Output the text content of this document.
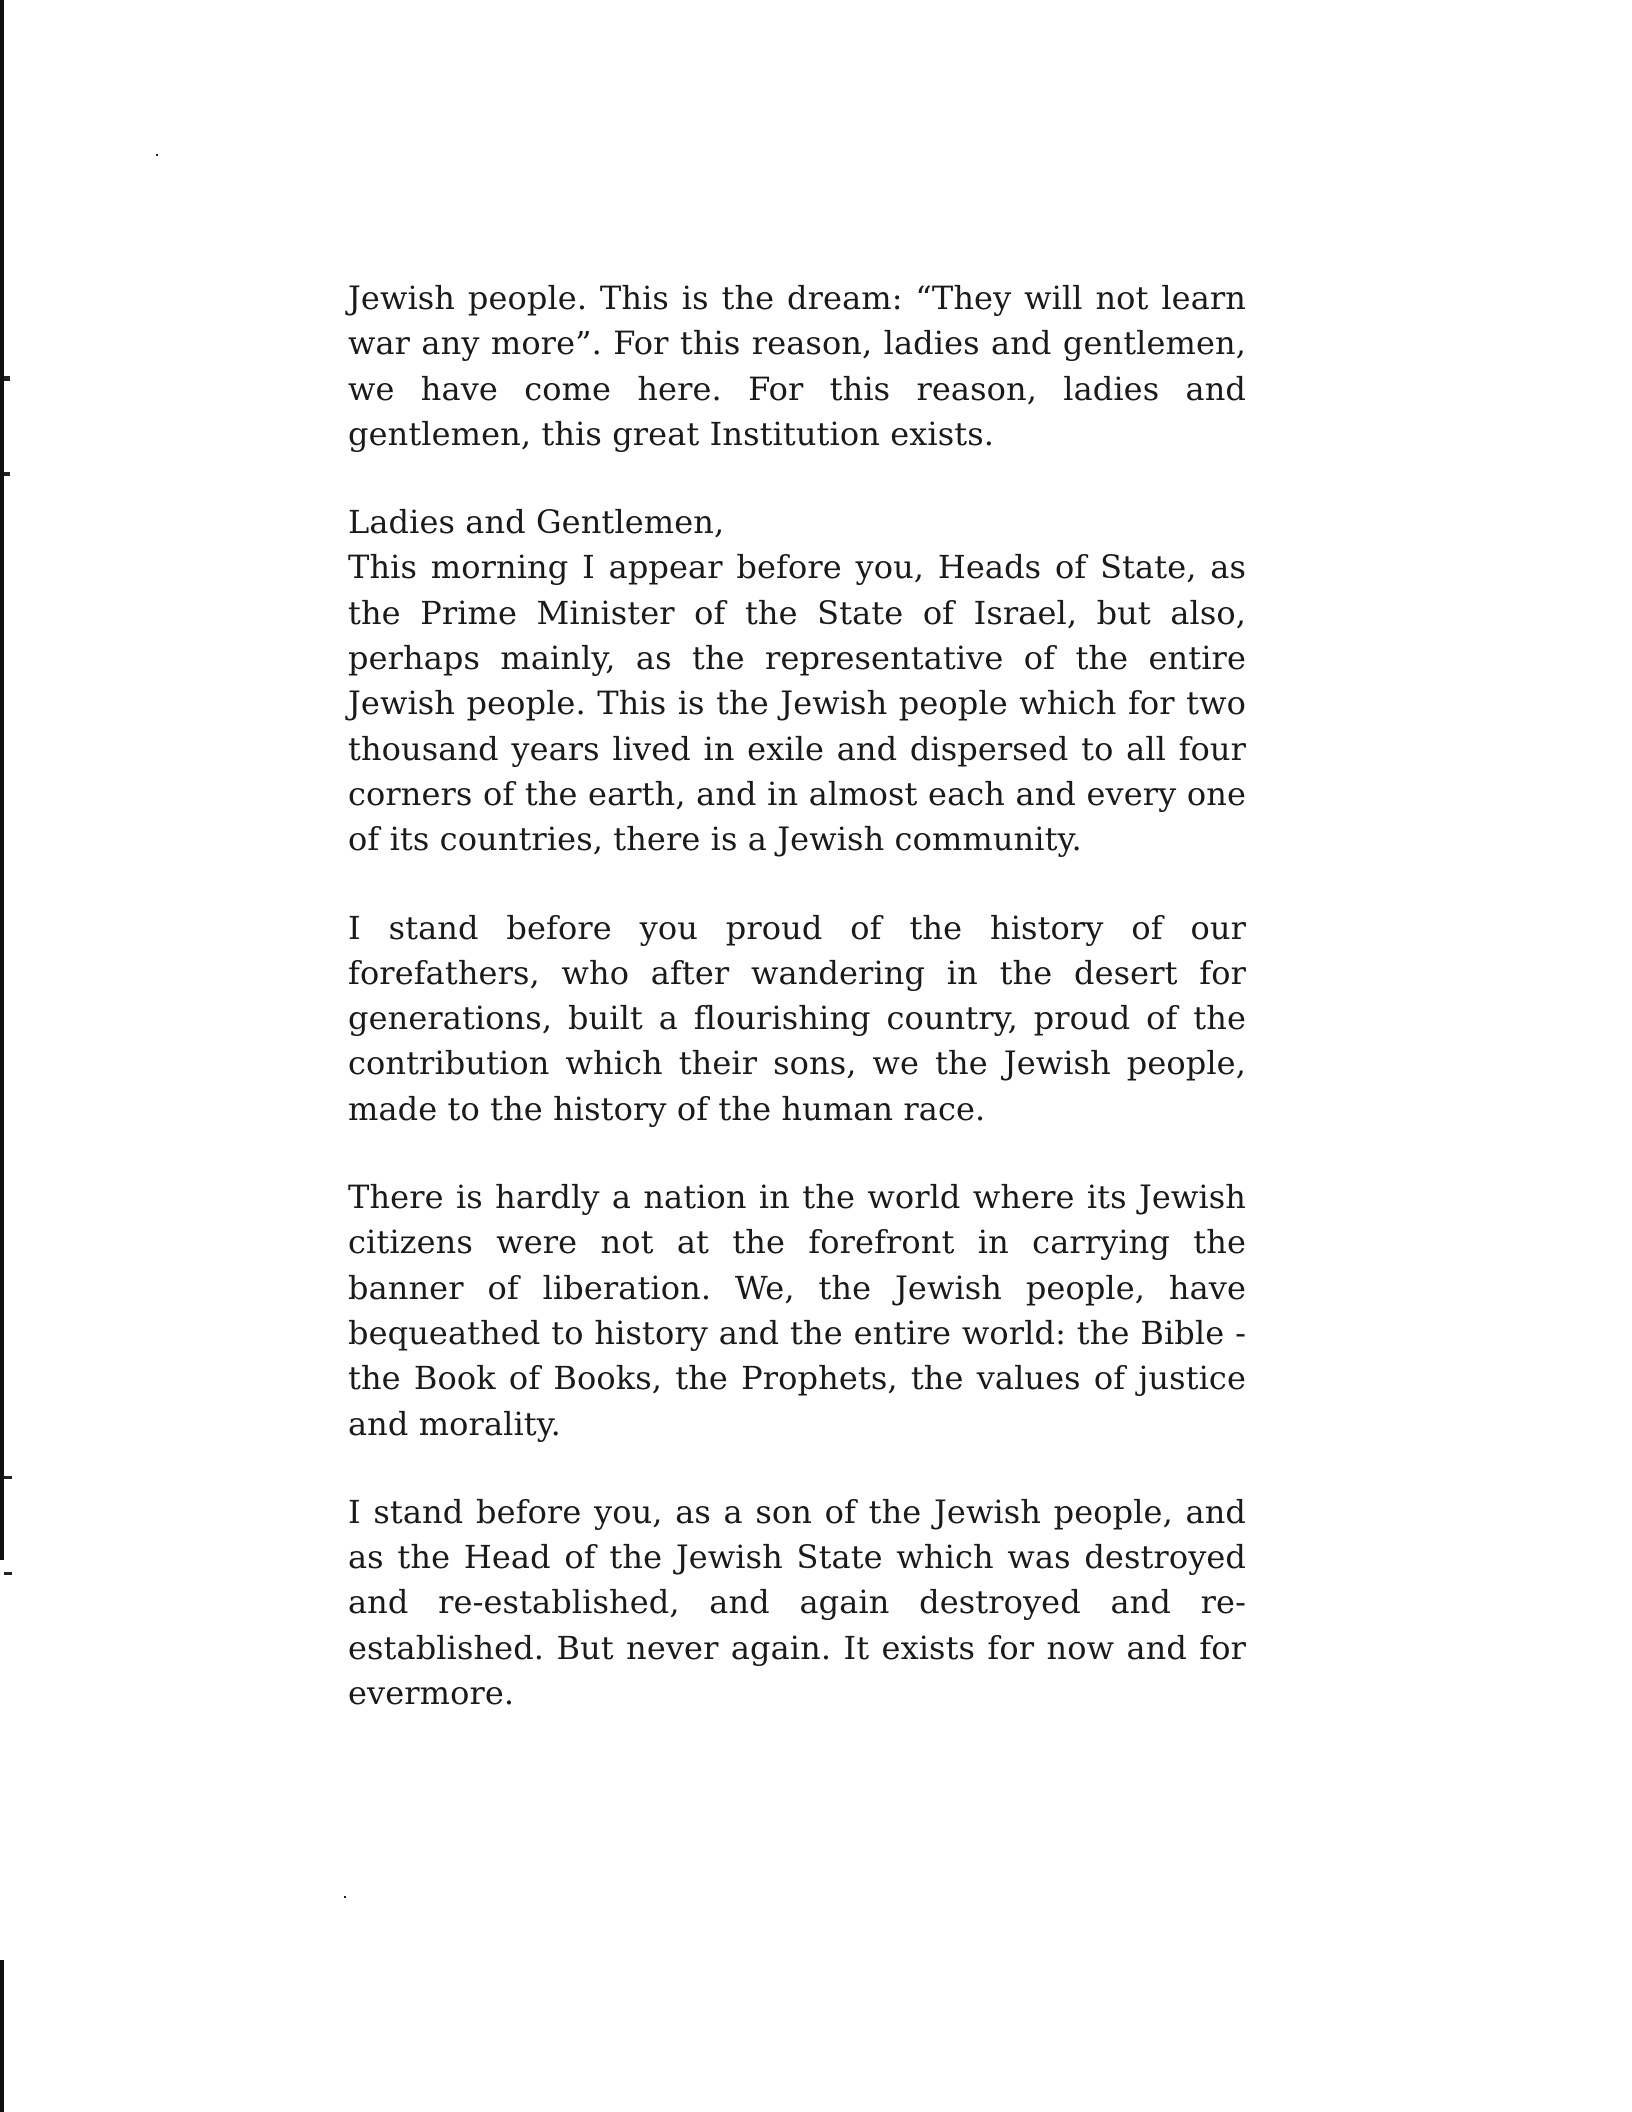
Jewish people. This is the dream: “They will not learn war any more”. For this reason, ladies and gentlemen, we have come here. For this reason, ladies and gentlemen, this great Institution exists.

Ladies and Gentlemen,
This morning I appear before you, Heads of State, as the Prime Minister of the State of Israel, but also, perhaps mainly, as the representative of the entire Jewish people. This is the Jewish people which for two thousand years lived in exile and dispersed to all four corners of the earth, and in almost each and every one of its countries, there is a Jewish community.

I stand before you proud of the history of our forefathers, who after wandering in the desert for generations, built a flourishing country, proud of the contribution which their sons, we the Jewish people, made to the history of the human race.

There is hardly a nation in the world where its Jewish citizens were not at the forefront in carrying the banner of liberation. We, the Jewish people, have bequeathed to history and the entire world: the Bible - the Book of Books, the Prophets, the values of justice and morality.

I stand before you, as a son of the Jewish people, and as the Head of the Jewish State which was destroyed and re-established, and again destroyed and re-established. But never again. It exists for now and for evermore.
